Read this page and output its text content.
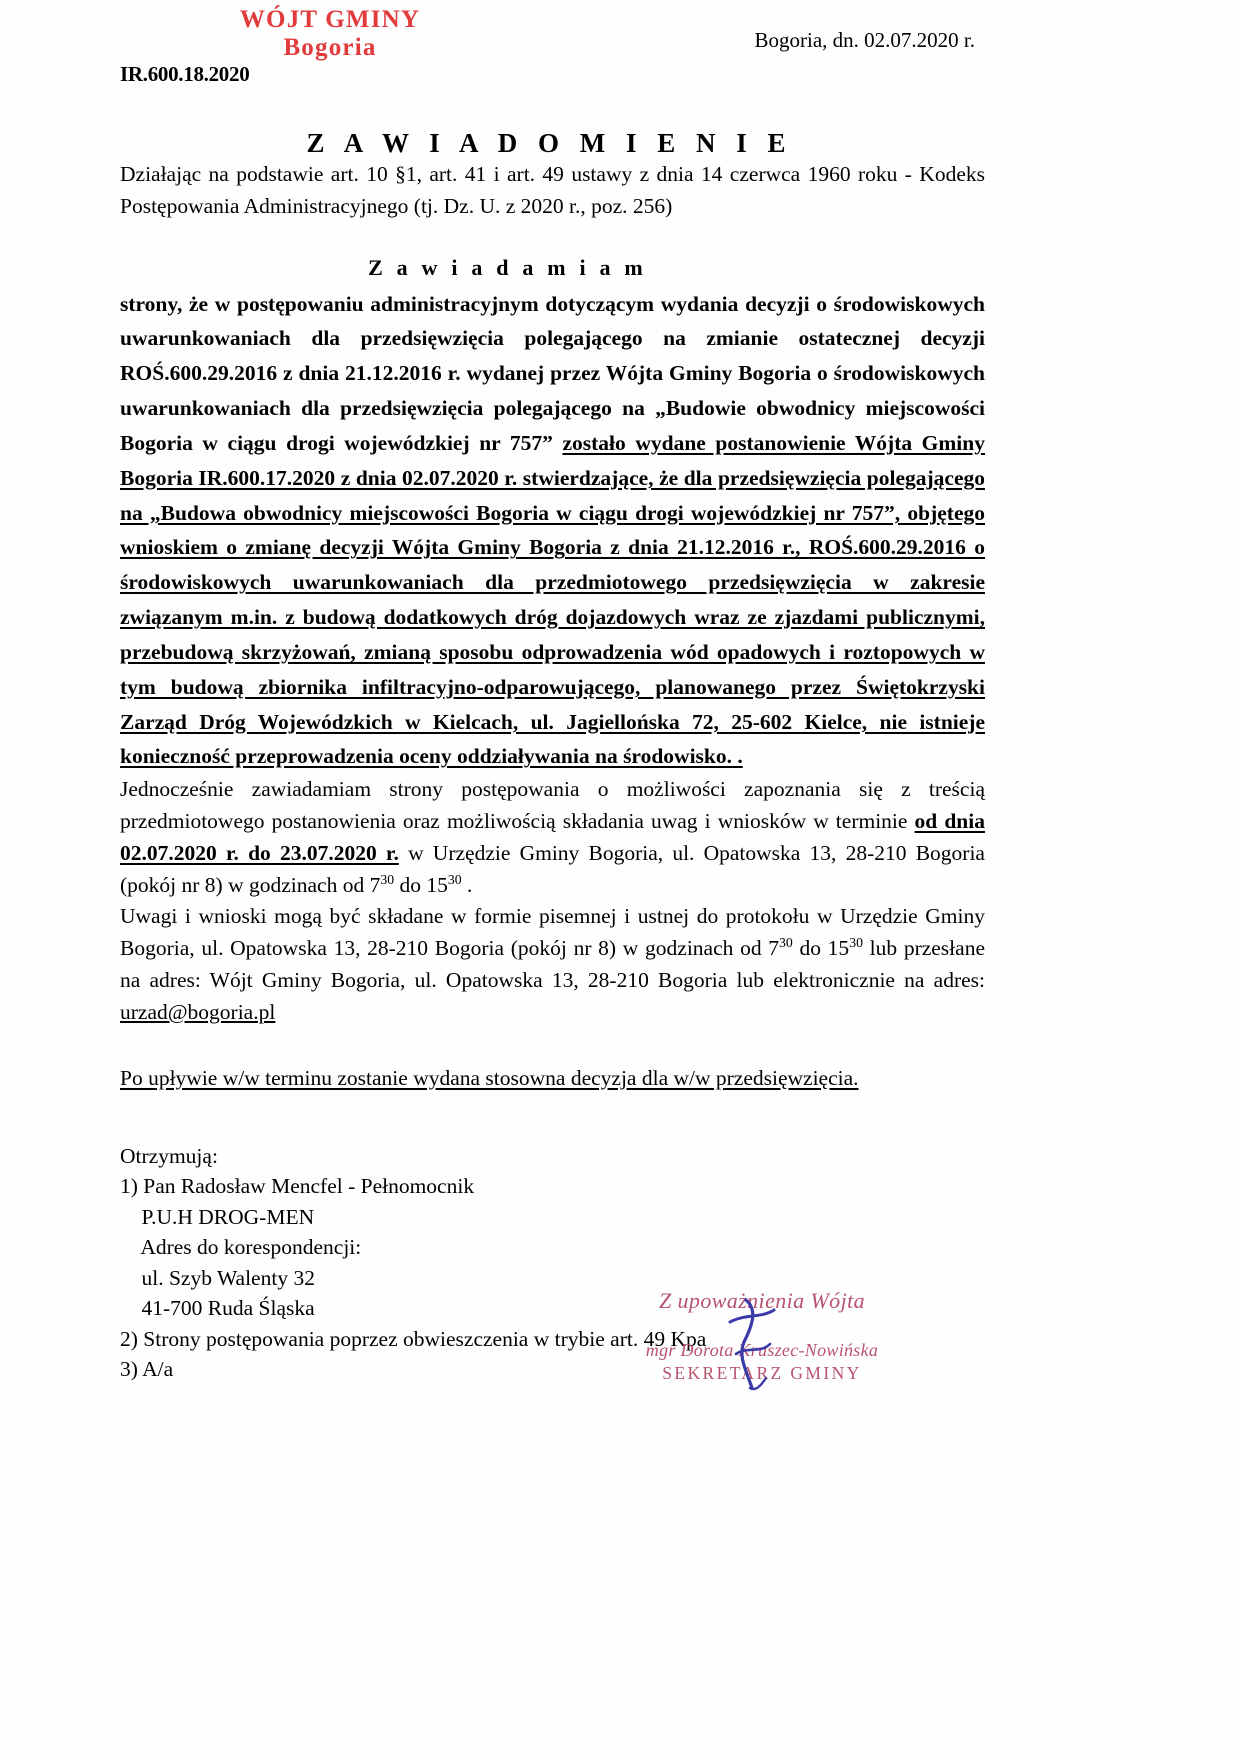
WÓJT GMINY
Bogoria
IR.600.18.2020
Bogoria, dn. 02.07.2020 r.
Z A W I A D O M I E N I E

Działając na podstawie art. 10 §1, art. 41 i art. 49 ustawy z dnia 14 czerwca 1960 roku - Kodeks Postępowania Administracyjnego (tj. Dz. U. z 2020 r., poz. 256)

Z a w i a d a m i a m

strony, że w postępowaniu administracyjnym dotyczącym wydania decyzji o środowiskowych uwarunkowaniach dla przedsięwzięcia polegającego na zmianie ostatecznej decyzji ROŚ.600.29.2016 z dnia 21.12.2016 r. wydanej przez Wójta Gminy Bogoria o środowiskowych uwarunkowaniach dla przedsięwzięcia polegającego na „Budowie obwodnicy miejscowości Bogoria w ciągu drogi wojewódzkiej nr 757” zostało wydane postanowienie Wójta Gminy Bogoria IR.600.17.2020 z dnia 02.07.2020 r. stwierdzające, że dla przedsięwzięcia polegającego na „Budowa obwodnicy miejscowości Bogoria w ciągu drogi wojewódzkiej nr 757”, objętego wnioskiem o zmianę decyzji Wójta Gminy Bogoria z dnia 21.12.2016 r., ROŚ.600.29.2016 o środowiskowych uwarunkowaniach dla przedmiotowego przedsięwzięcia w zakresie związanym m.in. z budową dodatkowych dróg dojazdowych wraz ze zjazdami publicznymi, przebudową skrzyżowań, zmianą sposobu odprowadzenia wód opadowych i roztopowych w tym budową zbiornika infiltracyjno-odparowującego, planowanego przez Świętokrzyski Zarząd Dróg Wojewódzkich w Kielcach, ul. Jagiellońska 72, 25-602 Kielce, nie istnieje konieczność przeprowadzenia oceny oddziaływania na środowisko. .

Jednocześnie zawiadamiam strony postępowania o możliwości zapoznania się z treścią przedmiotowego postanowienia oraz możliwością składania uwag i wniosków w terminie od dnia 02.07.2020 r. do 23.07.2020 r. w Urzędzie Gminy Bogoria, ul. Opatowska 13, 28-210 Bogoria (pokój nr 8) w godzinach od $7^{30}$ do $15^{30}$ .

Uwagi i wnioski mogą być składane w formie pisemnej i ustnej do protokołu w Urzędzie Gminy Bogoria, ul. Opatowska 13, 28-210 Bogoria (pokój nr 8) w godzinach od $7^{30}$ do $15^{30}$ lub przesłane na adres: Wójt Gminy Bogoria, ul. Opatowska 13, 28-210 Bogoria lub elektronicznie na adres: urzad@bogoria.pl

Po upływie w/w terminu zostanie wydana stosowna decyzja dla w/w przedsięwzięcia.

Otrzymują:
1) Pan Radosław Mencfel - Pełnomocnik
P.U.H DROG-MEN
Adres do korespondencji:
ul. Szyb Walenty 32
41-700 Ruda Śląska
2) Strony postępowania poprzez obwieszczenia w trybie art. 49 Kpa
3) A/a
Z upoważnienia Wójta
mgr Dorota Kruszec-Nowińska
SEKRETARZ GMINY
